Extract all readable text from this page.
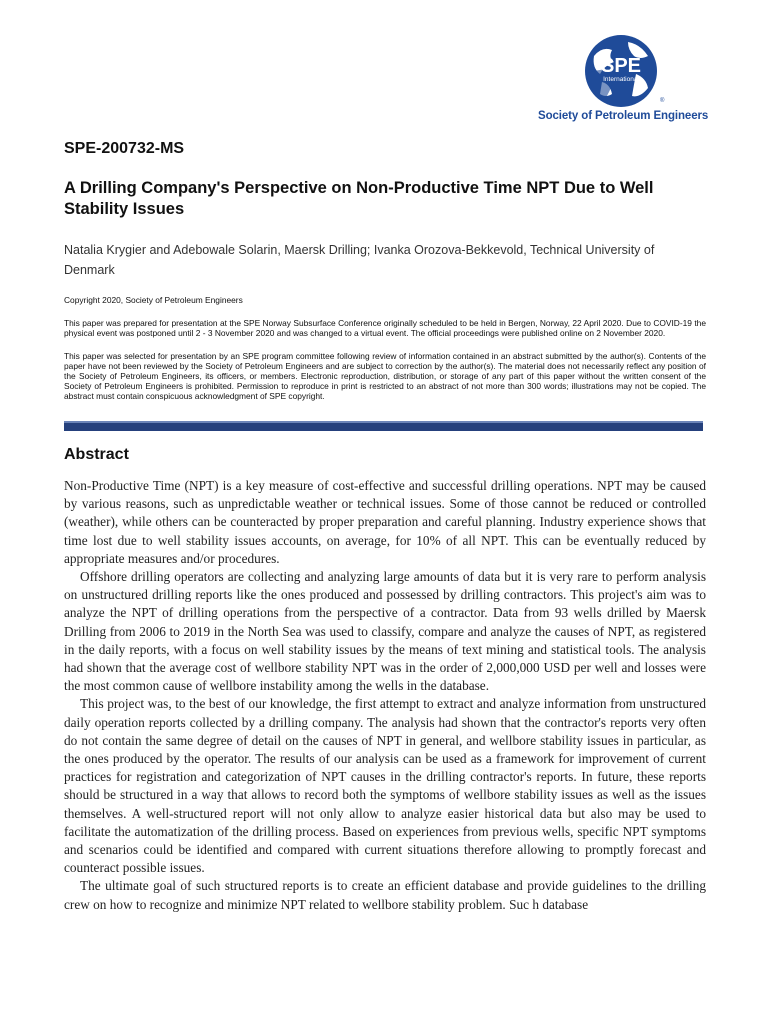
SPE
International
®
Society of Petroleum Engineers
SPE-200732-MS
A Drilling Company's Perspective on Non-Productive Time NPT Due to Well Stability Issues
Natalia Krygier and Adebowale Solarin, Maersk Drilling; Ivanka Orozova-Bekkevold, Technical University of Denmark
Copyright 2020, Society of Petroleum Engineers
This paper was prepared for presentation at the SPE Norway Subsurface Conference originally scheduled to be held in Bergen, Norway, 22 April 2020. Due to COVID-19 the physical event was postponed until 2 - 3 November 2020 and was changed to a virtual event. The official proceedings were published online on 2 November 2020.
This paper was selected for presentation by an SPE program committee following review of information contained in an abstract submitted by the author(s). Contents of the paper have not been reviewed by the Society of Petroleum Engineers and are subject to correction by the author(s). The material does not necessarily reflect any position of the Society of Petroleum Engineers, its officers, or members. Electronic reproduction, distribution, or storage of any part of this paper without the written consent of the Society of Petroleum Engineers is prohibited. Permission to reproduce in print is restricted to an abstract of not more than 300 words; illustrations may not be copied. The abstract must contain conspicuous acknowledgment of SPE copyright.
Abstract

Non-Productive Time (NPT) is a key measure of cost-effective and successful drilling operations. NPT may be caused by various reasons, such as unpredictable weather or technical issues. Some of those cannot be reduced or controlled (weather), while others can be counteracted by proper preparation and careful planning. Industry experience shows that time lost due to well stability issues accounts, on average, for 10% of all NPT. This can be eventually reduced by appropriate measures and/or procedures.

Offshore drilling operators are collecting and analyzing large amounts of data but it is very rare to perform analysis on unstructured drilling reports like the ones produced and possessed by drilling contractors. This project's aim was to analyze the NPT of drilling operations from the perspective of a contractor. Data from 93 wells drilled by Maersk Drilling from 2006 to 2019 in the North Sea was used to classify, compare and analyze the causes of NPT, as registered in the daily reports, with a focus on well stability issues by the means of text mining and statistical tools. The analysis had shown that the average cost of wellbore stability NPT was in the order of 2,000,000 USD per well and losses were the most common cause of wellbore instability among the wells in the database.

This project was, to the best of our knowledge, the first attempt to extract and analyze information from unstructured daily operation reports collected by a drilling company. The analysis had shown that the contractor's reports very often do not contain the same degree of detail on the causes of NPT in general, and wellbore stability issues in particular, as the ones produced by the operator. The results of our analysis can be used as a framework for improvement of current practices for registration and categorization of NPT causes in the drilling contractor's reports. In future, these reports should be structured in a way that allows to record both the symptoms of wellbore stability issues as well as the issues themselves. A well-structured report will not only allow to analyze easier historical data but also may be used to facilitate the automatization of the drilling process. Based on experiences from previous wells, specific NPT symptoms and scenarios could be identified and compared with current situations therefore allowing to promptly forecast and counteract possible issues.

The ultimate goal of such structured reports is to create an efficient database and provide guidelines to the drilling crew on how to recognize and minimize NPT related to wellbore stability problem. Suc h database
